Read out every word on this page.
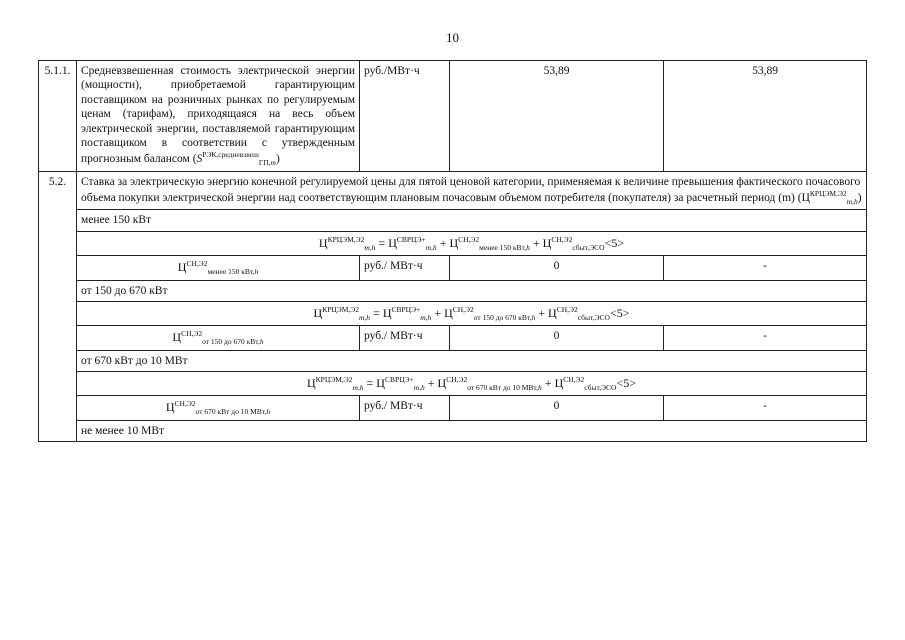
10
5.1.1.	Средневзвешенная стоимость электрической энергии (мощности), приобретаемой гарантирующим поставщиком на розничных рынках по регулируемым ценам (тарифам), приходящаяся на весь объем электрической энергии, поставляемой гарантирующим поставщиком в соответствии с утвержденным прогнозным балансом $(S^{РЭК,средневзвеш}_{ГП,m})$	руб./МВт·ч	53,89	53,89
5.2.	Ставка за электрическую энергию конечной регулируемой цены для пятой ценовой категории, применяемая к величине превышения фактического почасового объема покупки электрической энергии над соответствующим плановым почасовым объемом потребителя (покупателя) за расчетный период (m) $(Ц^{КРЦЭМ,Э2}_{m,h})$			
	менее 150 кВт			
	$Ц^{КРЦЭМ,Э2}_{m,h} = Ц^{СВРЦЭ+}_{m,h} + Ц^{СН,Э2}_{менее 150 кВт,h} + Ц^{СН,Э2}_{сбыт,ЭСО}<5>$			
	$Ц^{СН,Э2}_{менее 150 кВт,h}$	руб./ МВт·ч	0	-
	от 150 до 670 кВт			
	$Ц^{КРЦЭМ,Э2}_{m,h} = Ц^{СВРЦЭ+}_{m,h} + Ц^{СН,Э2}_{от 150 до 670 кВт,h} + Ц^{СН,Э2}_{сбыт,ЭСО}<5>$			
	$Ц^{СН,Э2}_{от 150 до 670 кВт,h}$	руб./ МВт·ч	0	-
	от 670 кВт до 10 МВт			
	$Ц^{КРЦЭМ,Э2}_{m,h} = Ц^{СВРЦЭ+}_{m,h} + Ц^{СН,Э2}_{от 670 кВт до 10 МВт,h} + Ц^{СН,Э2}_{сбыт,ЭСО}<5>$			
	$Ц^{СН,Э2}_{от 670 кВт до 10 МВт,h}$	руб./ МВт·ч	0	-
	не менее 10 МВт			
